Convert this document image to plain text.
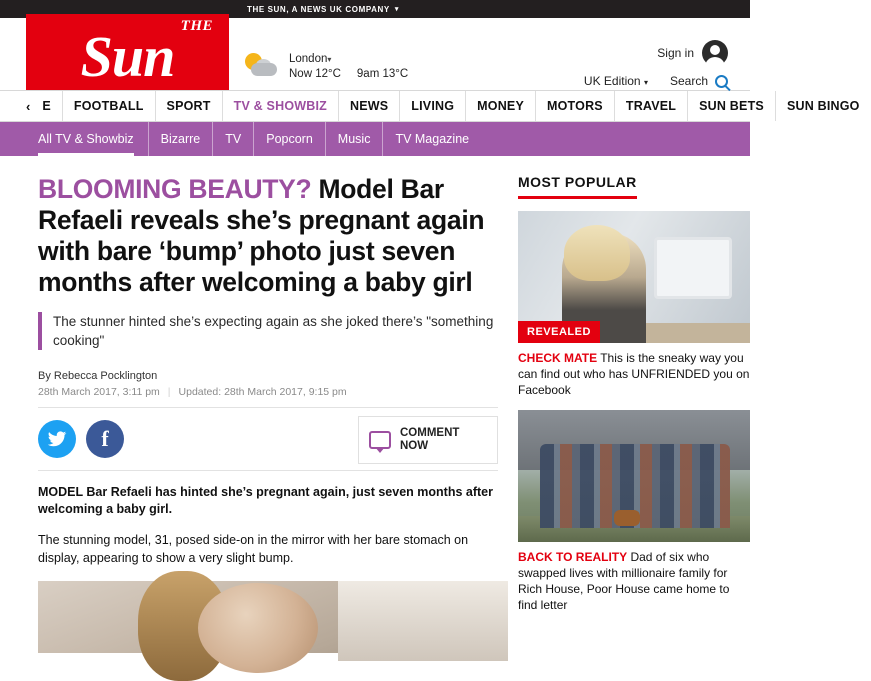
THE SUN, A NEWS UK COMPANY ▾
THE
Sun	London ▾
Now 12°C 9am 13°C
Sign in
UK Edition ▾ Search
‹ E	FOOTBALL	SPORT	TV & SHOWBIZ	NEWS	LIVING	MONEY	MOTORS	TRAVEL	SUN BETS	SUN BINGO
All TV & Showbiz	Bizarre	TV	Popcorn	Music	TV Magazine
BLOOMING BEAUTY? Model Bar Refaeli reveals she’s pregnant again with bare ‘bump’ photo just seven months after welcoming a baby girl
The stunner hinted she’s expecting again as she joked there’s "something cooking"
By Rebecca Pocklington
28th March 2017, 3:11 pm | Updated: 28th March 2017, 9:15 pm
f	COMMENT
NOW

MODEL Bar Refaeli has hinted she’s pregnant again, just seven months after welcoming a baby girl.

The stunning model, 31, posed side-on in the mirror with her bare stomach on display, appearing to show a very slight bump.

MOST POPULAR
REVEALED
CHECK MATE This is the sneaky way you can find out who has UNFRIENDED you on Facebook
BACK TO REALITY Dad of six who swapped lives with millionaire family for Rich House, Poor House came home to find letter
